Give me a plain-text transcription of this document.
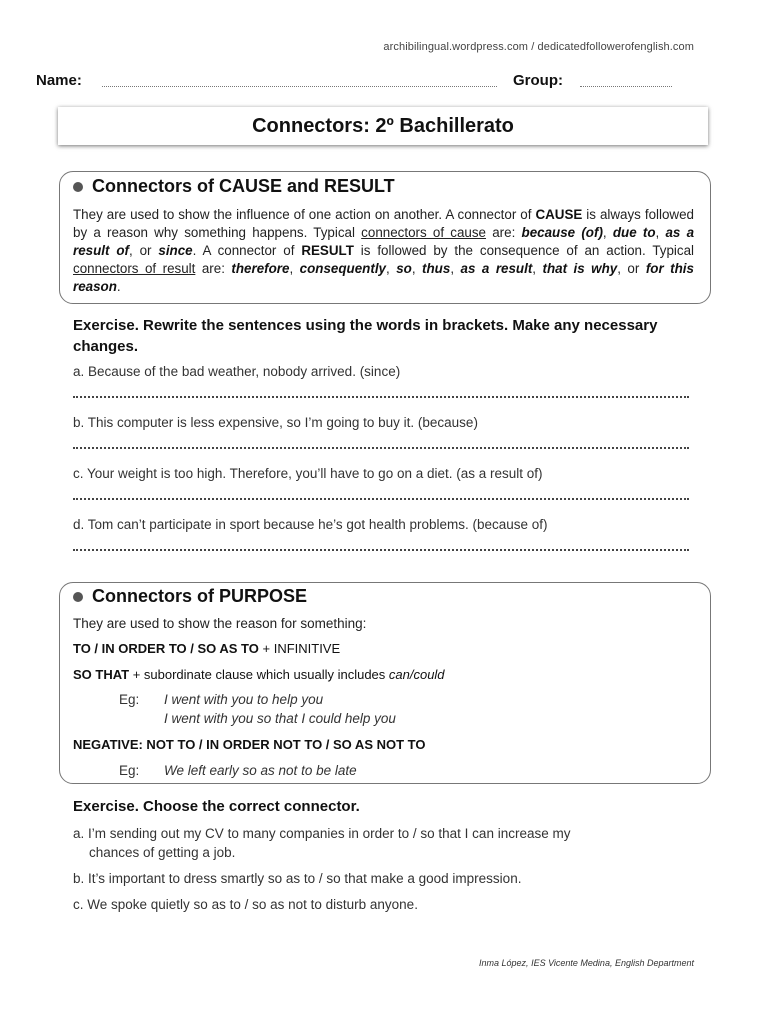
archibilingual.wordpress.com / dedicatedfollowerofenglish.com
Name:	Group:
Connectors: 2º Bachillerato
Connectors of CAUSE and RESULT
They are used to show the influence of one action on another. A connector of CAUSE is always followed by a reason why something happens. Typical connectors of cause are: because (of), due to, as a result of, or since. A connector of RESULT is followed by the consequence of an action. Typical connectors of result are: therefore, consequently, so, thus, as a result, that is why, or for this reason.
Exercise. Rewrite the sentences using the words in brackets. Make any necessary changes.
a. Because of the bad weather, nobody arrived. (since)
b. This computer is less expensive, so I’m going to buy it. (because)
c. Your weight is too high. Therefore, you’ll have to go on a diet. (as a result of)
d. Tom can’t participate in sport because he’s got health problems. (because of)
Connectors of PURPOSE
They are used to show the reason for something:
TO / IN ORDER TO / SO AS TO + INFINITIVE
SO THAT + subordinate clause which usually includes can/could
Eg: I went with you to help you
I went with you so that I could help you
NEGATIVE: NOT TO / IN ORDER NOT TO / SO AS NOT TO
Eg: We left early so as not to be late
Exercise. Choose the correct connector.
a. I’m sending out my CV to many companies in order to / so that I can increase my
chances of getting a job.
b. It’s important to dress smartly so as to / so that make a good impression.
c. We spoke quietly so as to / so as not to disturb anyone.
Inma López, IES Vicente Medina, English Department
